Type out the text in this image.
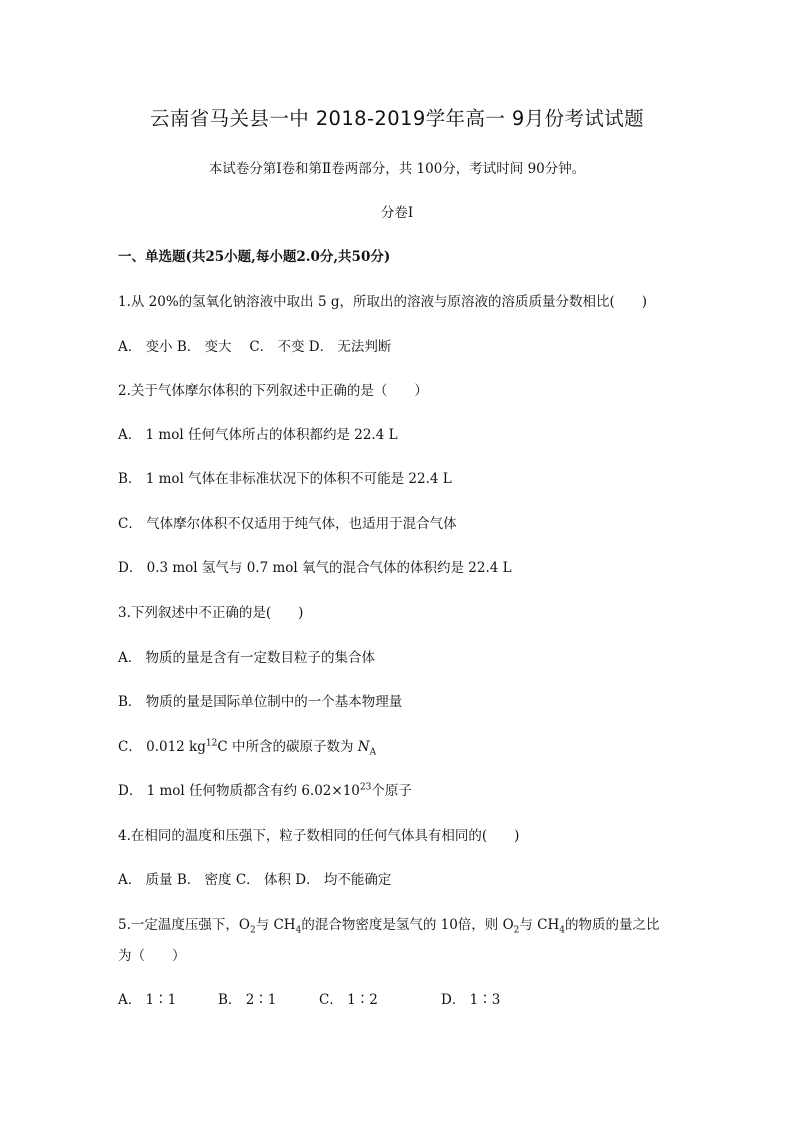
云南省马关县一中 2018-2019学年高一 9月份考试试题
本试卷分第Ⅰ卷和第Ⅱ卷两部分，共 100分，考试时间 90分钟。
分卷I
一、单选题(共25小题,每小题2.0分,共50分)
1.从 20%的氢氧化钠溶液中取出 5 g，所取出的溶液与原溶液的溶质质量分数相比(　　)
A． 变小 B． 变大　 C． 不变 D． 无法判断
2.关于气体摩尔体积的下列叙述中正确的是（　　）
A． 1 mol 任何气体所占的体积都约是 22.4 L
B． 1 mol 气体在非标准状况下的体积不可能是 22.4 L
C． 气体摩尔体积不仅适用于纯气体，也适用于混合气体
D． 0.3 mol 氢气与 0.7 mol 氧气的混合气体的体积约是 22.4 L
3.下列叙述中不正确的是(　　)
A． 物质的量是含有一定数目粒子的集合体
B． 物质的量是国际单位制中的一个基本物理量
C． 0.012 $kg^{12}C$ 中所含的碳原子数为 $N_A$
D． 1 mol 任何物质都含有约 $6.02\times 10^{23}$个原子
4.在相同的温度和压强下，粒子数相同的任何气体具有相同的(　　)
A． 质量 B． 密度 C． 体积 D． 均不能确定
5.一定温度压强下，$O_2$与 $CH_4$的混合物密度是氢气的 10倍，则 $O_2$与 $CH_4$的物质的量之比
为（　　）
A． 1∶1	B． 2∶1	C． 1∶2	D． 1∶3
